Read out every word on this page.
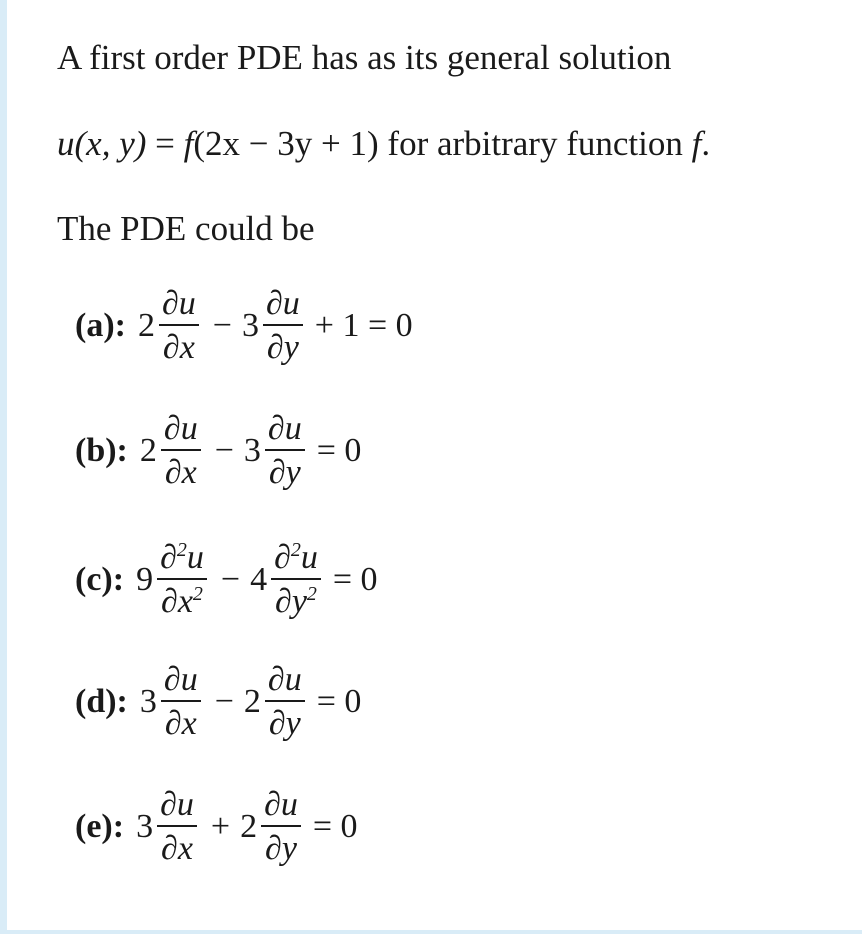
A first order PDE has as its general solution
u(x, y) = f(2x − 3y + 1) for arbitrary function f.
The PDE could be
(a): $2 \frac{\partial u}{\partial x} - 3 \frac{\partial u}{\partial y} + 1 = 0$
(b): $2 \frac{\partial u}{\partial x} - 3 \frac{\partial u}{\partial y} = 0$
(c): $9 \frac{\partial^2u}{\partial x^2} - 4 \frac{\partial^2u}{\partial y^2} = 0$
(d): $3 \frac{\partial u}{\partial x} - 2 \frac{\partial u}{\partial y} = 0$
(e): $3 \frac{\partial u}{\partial x} + 2 \frac{\partial u}{\partial y} = 0$
